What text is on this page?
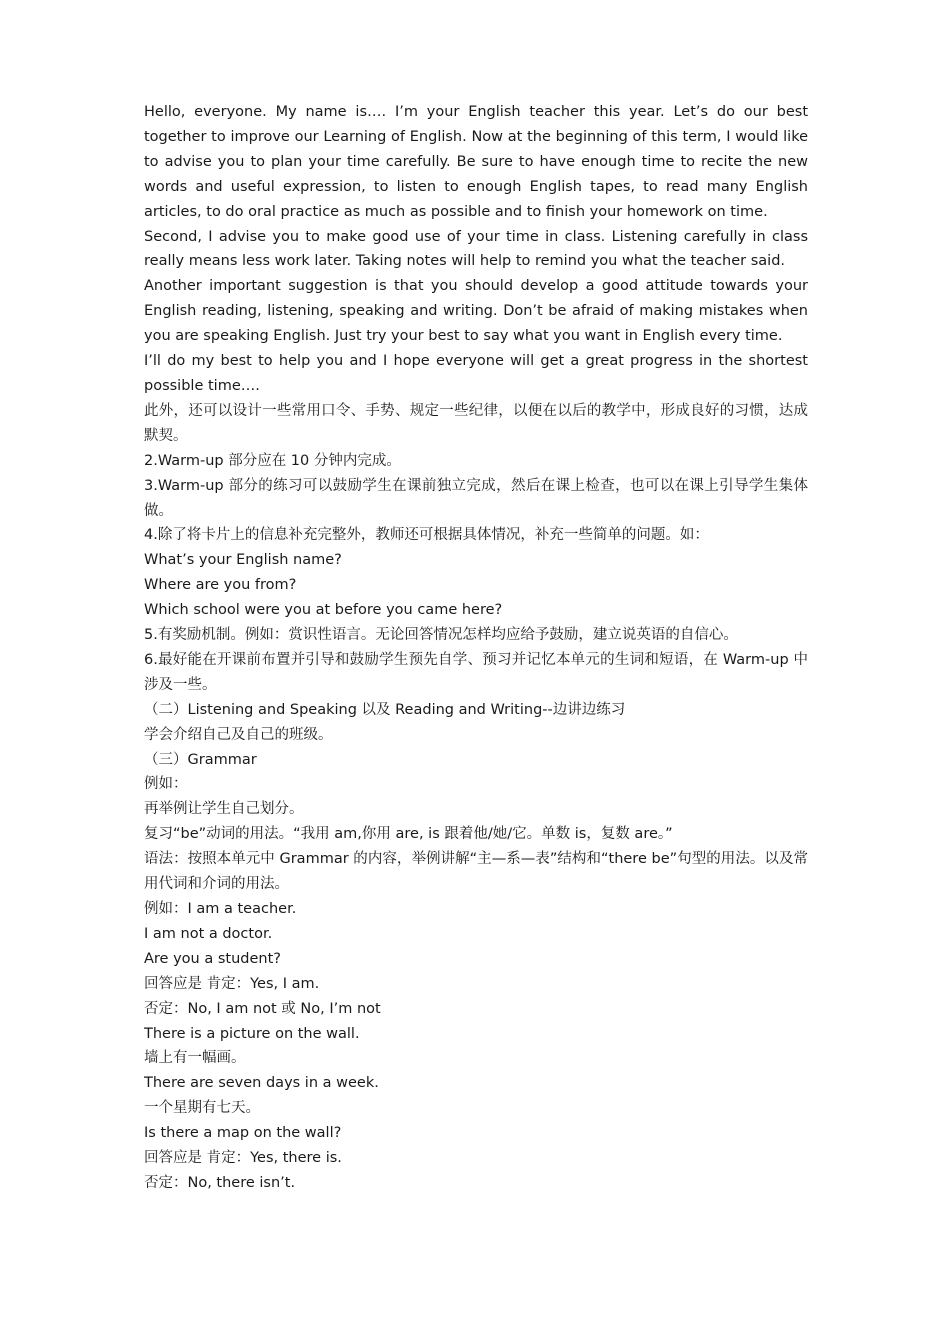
Hello, everyone. My name is…. I’m your English teacher this year. Let’s do our best together to improve our Learning of English. Now at the beginning of this term, I would like to advise you to plan your time carefully. Be sure to have enough time to recite the new words and useful expression, to listen to enough English tapes, to read many English articles, to do oral practice as much as possible and to finish your homework on time.

Second, I advise you to make good use of your time in class. Listening carefully in class really means less work later. Taking notes will help to remind you what the teacher said.

Another important suggestion is that you should develop a good attitude towards your English reading, listening, speaking and writing. Don’t be afraid of making mistakes when you are speaking English. Just try your best to say what you want in English every time.

I’ll do my best to help you and I hope everyone will get a great progress in the shortest possible time….

此外，还可以设计一些常用口令、手势、规定一些纪律，以便在以后的教学中，形成良好的习惯，达成默契。

2.Warm-up 部分应在 10 分钟内完成。

3.Warm-up 部分的练习可以鼓励学生在课前独立完成，然后在课上检查，也可以在课上引导学生集体做。

4.除了将卡片上的信息补充完整外，教师还可根据具体情况，补充一些简单的问题。如：

What’s your English name?

Where are you from?

Which school were you at before you came here?

5.有奖励机制。例如：赏识性语言。无论回答情况怎样均应给予鼓励，建立说英语的自信心。

6.最好能在开课前布置并引导和鼓励学生预先自学、预习并记忆本单元的生词和短语，在 Warm-up 中涉及一些。

（二）Listening and Speaking 以及 Reading and Writing--边讲边练习

学会介绍自己及自己的班级。

（三）Grammar

例如：

再举例让学生自己划分。

复习“be”动词的用法。“我用 am,你用 are, is 跟着他/她/它。单数 is，复数 are。”

语法：按照本单元中 Grammar 的内容，举例讲解“主—系—表”结构和“there be”句型的用法。以及常用代词和介词的用法。

例如：I am a teacher.

I am not a doctor.

Are you a student?

回答应是 肯定：Yes, I am.

否定：No, I am not 或 No, I’m not

There is a picture on the wall.

墙上有一幅画。

There are seven days in a week.

一个星期有七天。

Is there a map on the wall?

回答应是 肯定：Yes, there is.

否定：No, there isn’t.
